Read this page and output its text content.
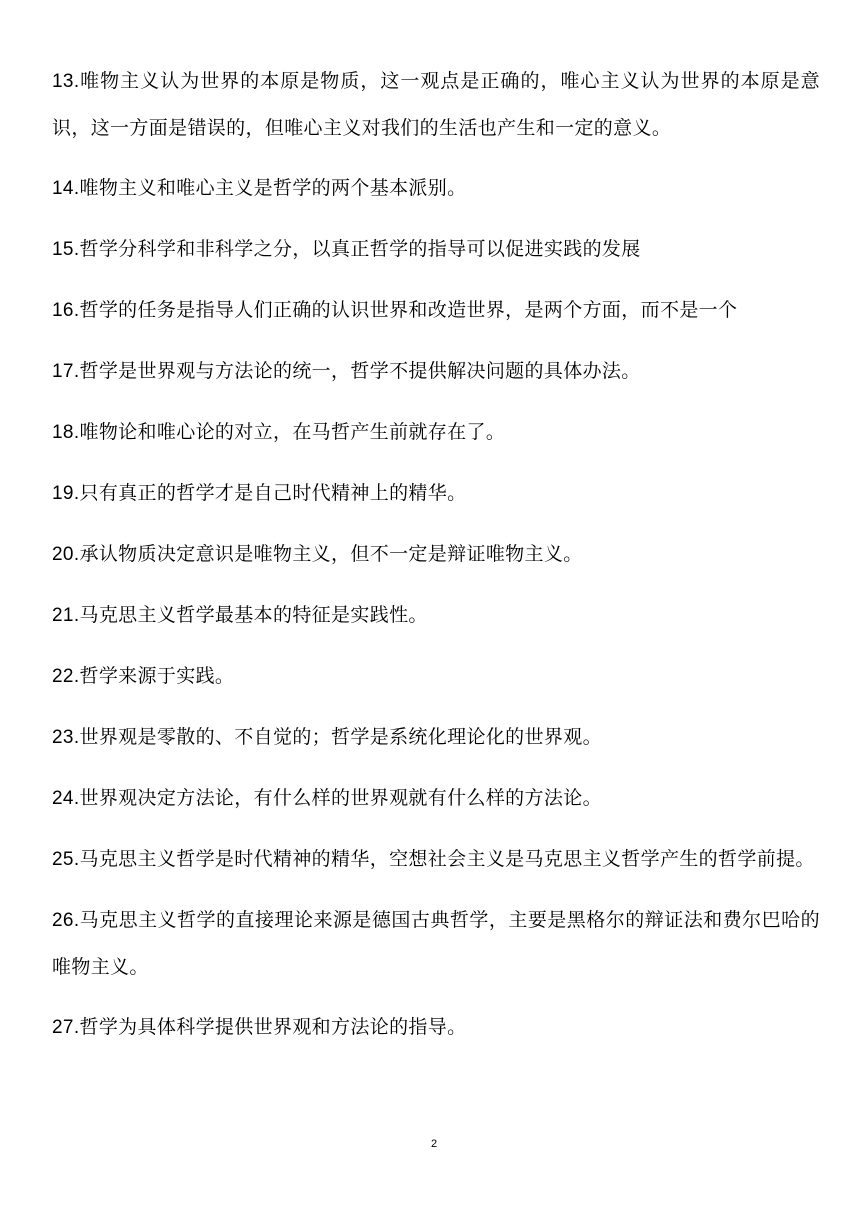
13.唯物主义认为世界的本原是物质，这一观点是正确的，唯心主义认为世界的本原是意识，这一方面是错误的，但唯心主义对我们的生活也产生和一定的意义。

14.唯物主义和唯心主义是哲学的两个基本派别。

15.哲学分科学和非科学之分，以真正哲学的指导可以促进实践的发展

16.哲学的任务是指导人们正确的认识世界和改造世界，是两个方面，而不是一个

17.哲学是世界观与方法论的统一，哲学不提供解决问题的具体办法。

18.唯物论和唯心论的对立，在马哲产生前就存在了。

19.只有真正的哲学才是自己时代精神上的精华。

20.承认物质决定意识是唯物主义，但不一定是辩证唯物主义。

21.马克思主义哲学最基本的特征是实践性。

22.哲学来源于实践。

23.世界观是零散的、不自觉的；哲学是系统化理论化的世界观。

24.世界观决定方法论，有什么样的世界观就有什么样的方法论。

25.马克思主义哲学是时代精神的精华，空想社会主义是马克思主义哲学产生的哲学前提。

26.马克思主义哲学的直接理论来源是德国古典哲学，主要是黑格尔的辩证法和费尔巴哈的唯物主义。

27.哲学为具体科学提供世界观和方法论的指导。

2
